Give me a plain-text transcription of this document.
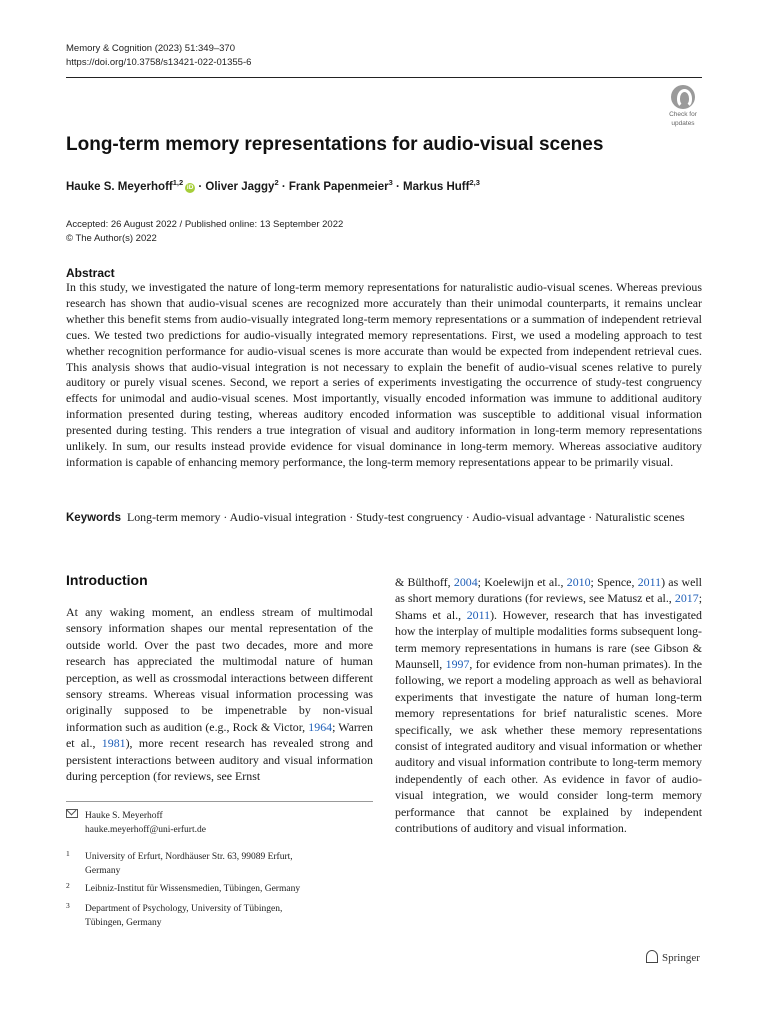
Memory & Cognition (2023) 51:349–370
https://doi.org/10.3758/s13421-022-01355-6
Check for
updates
Long-term memory representations for audio-visual scenes
Hauke S. Meyerhoff$^{1,2}$iD · Oliver Jaggy$^2$ · Frank Papenmeier$^3$ · Markus Huff$^{2,3}$
Accepted: 26 August 2022 / Published online: 13 September 2022
© The Author(s) 2022
Abstract
In this study, we investigated the nature of long-term memory representations for naturalistic audio-visual scenes. Whereas previous research has shown that audio-visual scenes are recognized more accurately than their unimodal counterparts, it remains unclear whether this benefit stems from audio-visually integrated long-term memory representations or a summation of independent retrieval cues. We tested two predictions for audio-visually integrated memory representations. First, we used a modeling approach to test whether recognition performance for audio-visual scenes is more accurate than would be expected from independent retrieval cues. This analysis shows that audio-visual integration is not necessary to explain the benefit of audio-visual scenes relative to purely auditory or purely visual scenes. Second, we report a series of experiments investigating the occurrence of study-test congruency effects for unimodal and audio-visual scenes. Most importantly, visually encoded information was immune to additional auditory information presented during testing, whereas auditory encoded information was susceptible to additional visual information presented during testing. This renders a true integration of visual and auditory information in long-term memory representations unlikely. In sum, our results instead provide evidence for visual dominance in long-term memory. Whereas associative auditory information is capable of enhancing memory performance, the long-term memory representations appear to be primarily visual.
Keywords Long-term memory · Audio-visual integration · Study-test congruency · Audio-visual advantage · Naturalistic scenes
Introduction
At any waking moment, an endless stream of multimodal sensory information shapes our mental representation of the outside world. Over the past two decades, more and more research has appreciated the multimodal nature of human perception, as well as crossmodal interactions between different sensory streams. Whereas visual information processing was originally supposed to be impenetrable by non-visual information such as audition (e.g., Rock & Victor, 1964; Warren et al., 1981), more recent research has revealed strong and persistent interactions between auditory and visual information during perception (for reviews, see Ernst
& Bülthoff, 2004; Koelewijn et al., 2010; Spence, 2011) as well as short memory durations (for reviews, see Matusz et al., 2017; Shams et al., 2011). However, research that has investigated how the interplay of multiple modalities forms subsequent long-term memory representations in humans is rare (see Gibson & Maunsell, 1997, for evidence from non-human primates). In the following, we report a modeling approach as well as behavioral experiments that investigate the nature of human long-term memory representations for brief naturalistic scenes. More specifically, we ask whether these memory representations consist of integrated auditory and visual information or whether auditory and visual information contribute to long-term memory independently of each other. As evidence in favor of audio-visual integration, we would consider long-term memory performance that cannot be explained by independent contributions of auditory and visual information.
Hauke S. Meyerhoff
hauke.meyerhoff@uni-erfurt.de
1 University of Erfurt, Nordhäuser Str. 63, 99089 Erfurt,
Germany
2 Leibniz-Institut für Wissensmedien, Tübingen, Germany
3 Department of Psychology, University of Tübingen,
Tübingen, Germany
Springer
